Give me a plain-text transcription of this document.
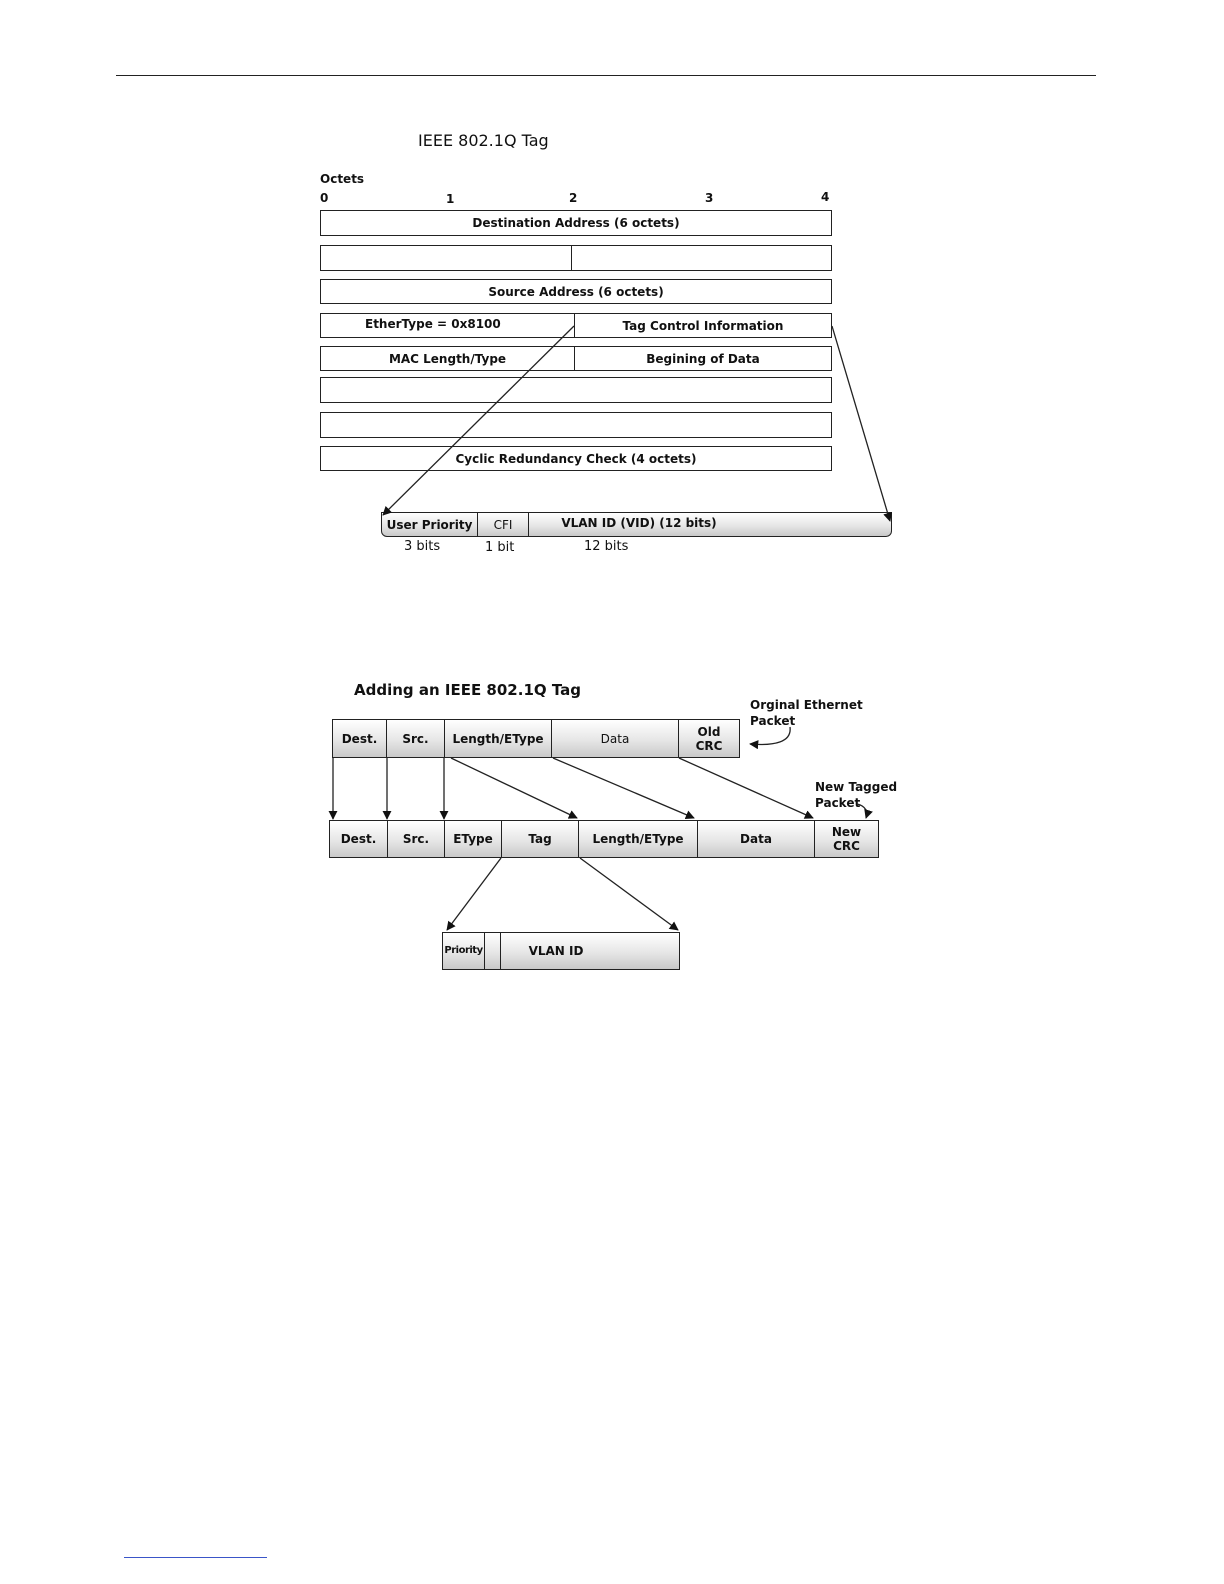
IEEE 802.1Q Tag
Octets
0	1	2	3	4
Destination Address (6 octets)
Source Address (6 octets)
EtherType = 0x8100	Tag Control Information
MAC Length/Type	Begining of Data
Cyclic Redundancy Check (4 octets)
User Priority	CFI	VLAN ID (VID) (12 bits)
3 bits	1 bit	12 bits
Adding an IEEE 802.1Q Tag
Orginal Ethernet
Packet
New Tagged
Packet
Dest.	Src.	Length/EType	Data	Old
CRC
Dest.	Src.	EType	Tag	Length/EType	Data	New
CRC
Priority	VLAN ID
